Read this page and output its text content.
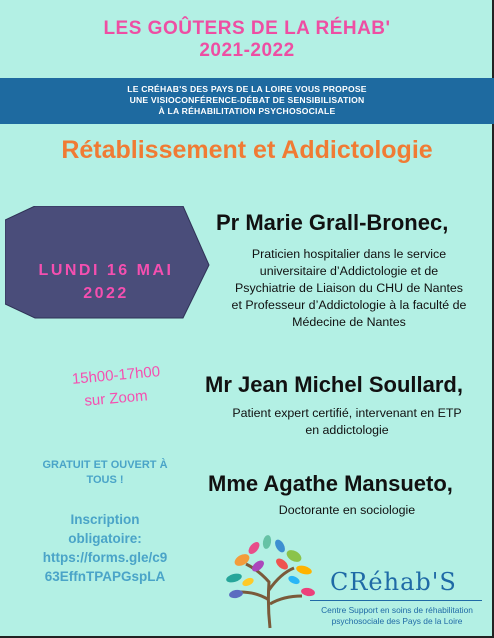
LES GOÛTERS DE LA RÉHAB'
2021-2022
LE CRÉHAB'S DES PAYS DE LA LOIRE VOUS PROPOSE
UNE VISIOCONFÉRENCE-DÉBAT DE SENSIBILISATION
À LA RÉHABILITATION PSYCHOSOCIALE
Rétablissement et Addictologie
LUNDI 16 MAI
2022
Pr Marie Grall-Bronec,
Praticien hospitalier dans le service
universitaire d’Addictologie et de
Psychiatrie de Liaison du CHU de Nantes
et Professeur d’Addictologie à la faculté de
Médecine de Nantes
15h00-17h00
sur Zoom
Mr Jean Michel Soullard,
Patient expert certifié, intervenant en ETP
en addictologie
GRATUIT ET OUVERT À
TOUS !	Mme Agathe Mansueto,
Doctorante en sociologie
Inscription
obligatoire:
https://forms.gle/c9
63EffnTPAPGspLA	CRéhab'S
Centre Support en soins de réhabilitation
psychosociale des Pays de la Loire
